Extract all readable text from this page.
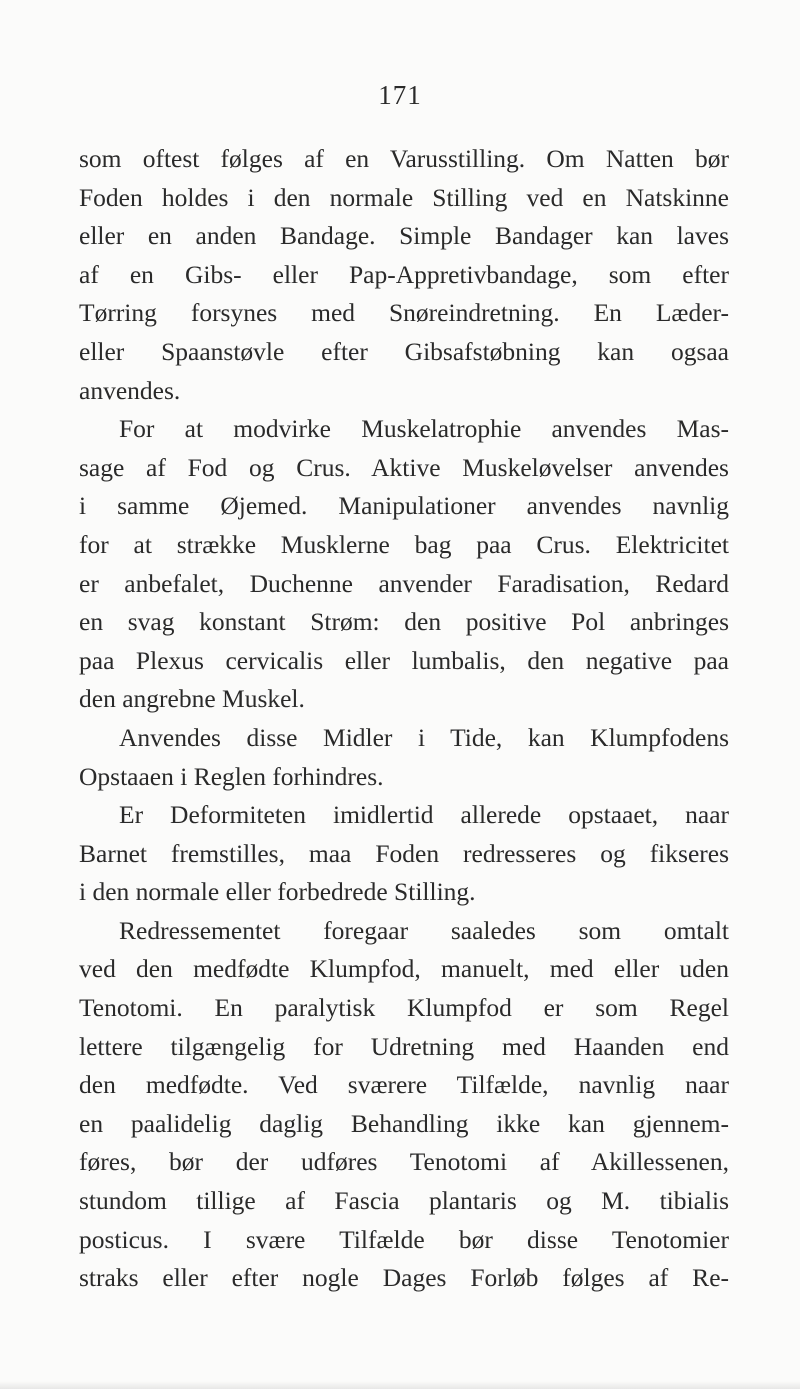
171
som oftest følges af en Varusstilling. Om Natten bør
Foden holdes i den normale Stilling ved en Natskinne
eller en anden Bandage. Simple Bandager kan laves
af en Gibs- eller Pap-Appretivbandage, som efter
Tørring forsynes med Snøreindretning. En Læder-
eller Spaanstøvle efter Gibsafstøbning kan ogsaa
anvendes.
For at modvirke Muskelatrophie anvendes Mas-
sage af Fod og Crus. Aktive Muskeløvelser anvendes
i samme Øjemed. Manipulationer anvendes navnlig
for at strække Musklerne bag paa Crus. Elektricitet
er anbefalet, Duchenne anvender Faradisation, Redard
en svag konstant Strøm: den positive Pol anbringes
paa Plexus cervicalis eller lumbalis, den negative paa
den angrebne Muskel.
Anvendes disse Midler i Tide, kan Klumpfodens
Opstaaen i Reglen forhindres.
Er Deformiteten imidlertid allerede opstaaet, naar
Barnet fremstilles, maa Foden redresseres og fikseres
i den normale eller forbedrede Stilling.
Redressementet foregaar saaledes som omtalt
ved den medfødte Klumpfod, manuelt, med eller uden
Tenotomi. En paralytisk Klumpfod er som Regel
lettere tilgængelig for Udretning med Haanden end
den medfødte. Ved sværere Tilfælde, navnlig naar
en paalidelig daglig Behandling ikke kan gjennem-
føres, bør der udføres Tenotomi af Akillessenen,
stundom tillige af Fascia plantaris og M. tibialis
posticus. I svære Tilfælde bør disse Tenotomier
straks eller efter nogle Dages Forløb følges af Re-
